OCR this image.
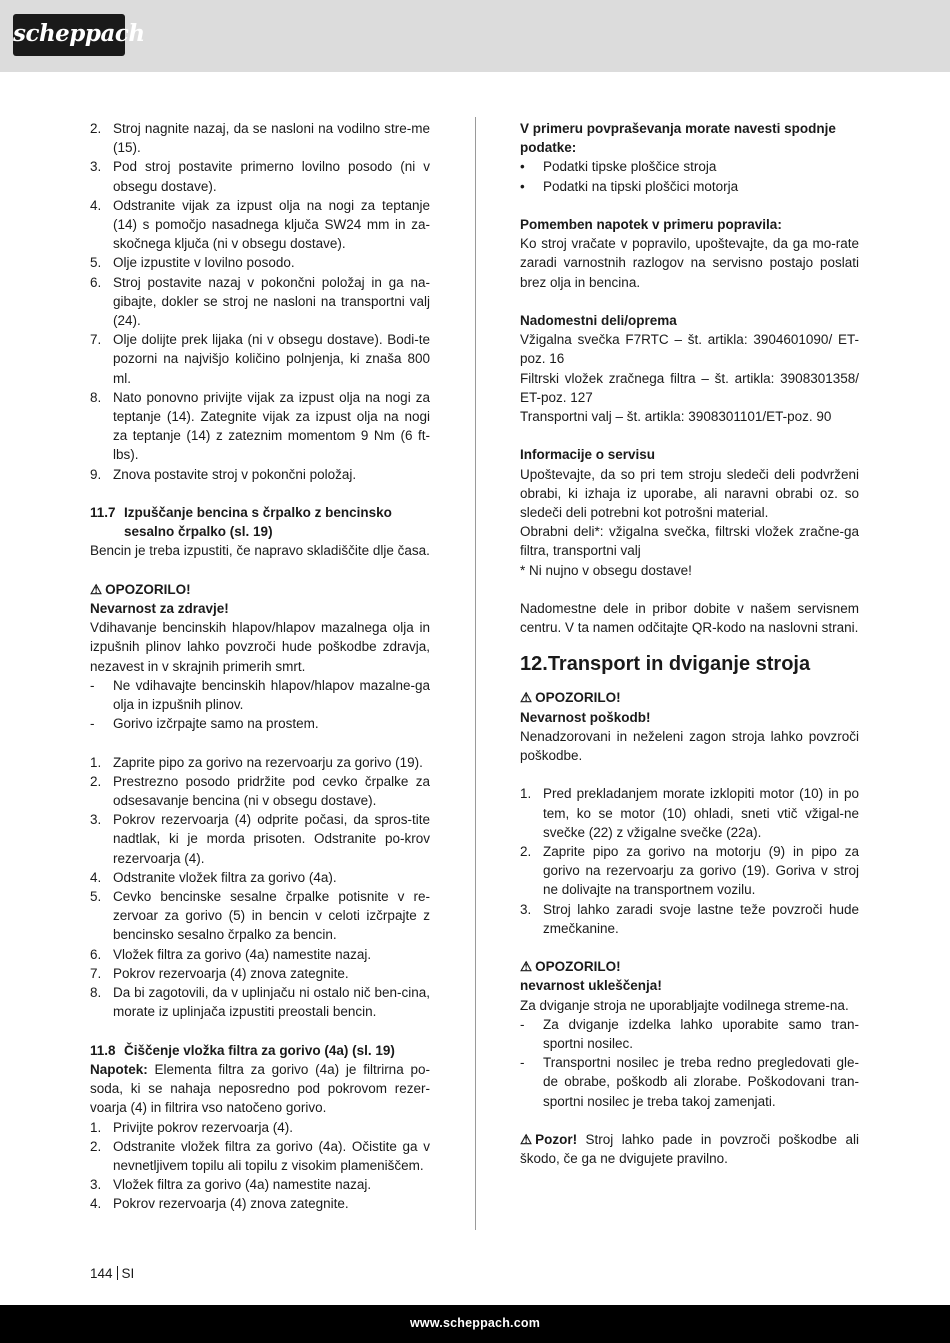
scheppach
2. Stroj nagnite nazaj, da se nasloni na vodilno stre-me (15).
3. Pod stroj postavite primerno lovilno posodo (ni v obsegu dostave).
4. Odstranite vijak za izpust olja na nogi za teptanje (14) s pomočjo nasadnega ključa SW24 mm in za-skočnega ključa (ni v obsegu dostave).
5. Olje izpustite v lovilno posodo.
6. Stroj postavite nazaj v pokončni položaj in ga na-gibajte, dokler se stroj ne nasloni na transportni valj (24).
7. Olje dolijte prek lijaka (ni v obsegu dostave). Bodi-te pozorni na najvišjo količino polnjenja, ki znaša 800 ml.
8. Nato ponovno privijte vijak za izpust olja na nogi za teptanje (14). Zategnite vijak za izpust olja na nogi za teptanje (14) z zateznim momentom 9 Nm (6 ft-lbs).
9. Znova postavite stroj v pokončni položaj.
11.7 Izpuščanje bencina s črpalko z bencinsko sesalno črpalko (sl. 19)
Bencin je treba izpustiti, če napravo skladiščite dlje časa.
⚠ OPOZORILO!
Nevarnost za zdravje!
Vdihavanje bencinskih hlapov/hlapov mazalnega olja in izpušnih plinov lahko povzroči hude poškodbe zdravja, nezavest in v skrajnih primerih smrt.
- Ne vdihavajte bencinskih hlapov/hlapov mazalne-ga olja in izpušnih plinov.
- Gorivo izčrpajte samo na prostem.
1. Zaprite pipo za gorivo na rezervoarju za gorivo (19).
2. Prestrezno posodo pridržite pod cevko črpalke za odsesavanje bencina (ni v obsegu dostave).
3. Pokrov rezervoarja (4) odprite počasi, da spros-tite nadtlak, ki je morda prisoten. Odstranite po-krov rezervoarja (4).
4. Odstranite vložek filtra za gorivo (4a).
5. Cevko bencinske sesalne črpalke potisnite v re-zervoar za gorivo (5) in bencin v celoti izčrpajte z bencinsko sesalno črpalko za bencin.
6. Vložek filtra za gorivo (4a) namestite nazaj.
7. Pokrov rezervoarja (4) znova zategnite.
8. Da bi zagotovili, da v uplinjaču ni ostalo nič ben-cina, morate iz uplinjača izpustiti preostali bencin.
11.8 Čiščenje vložka filtra za gorivo (4a) (sl. 19)
Napotek: Elementa filtra za gorivo (4a) je filtrirna po-soda, ki se nahaja neposredno pod pokrovom rezer-voarja (4) in filtrira vso natočeno gorivo.
1. Privijte pokrov rezervoarja (4).
2. Odstranite vložek filtra za gorivo (4a). Očistite ga v nevnetljivem topilu ali topilu z visokim plameniščem.
3. Vložek filtra za gorivo (4a) namestite nazaj.
4. Pokrov rezervoarja (4) znova zategnite.
V primeru povpraševanja morate navesti spodnje podatke:
• Podatki tipske ploščice stroja
• Podatki na tipski ploščici motorja
Pomemben napotek v primeru popravila:
Ko stroj vračate v popravilo, upoštevajte, da ga mo-rate zaradi varnostnih razlogov na servisno postajo poslati brez olja in bencina.
Nadomestni deli/oprema
Vžigalna svečka F7RTC – št. artikla: 3904601090/ ET-poz. 16
Filtrski vložek zračnega filtra – št. artikla: 3908301358/ ET-poz. 127
Transportni valj – št. artikla: 3908301101/ET-poz. 90
Informacije o servisu
Upoštevajte, da so pri tem stroju sledeči deli podvrženi obrabi, ki izhaja iz uporabe, ali naravni obrabi oz. so sledeči deli potrebni kot potrošni material.
Obrabni deli*: vžigalna svečka, filtrski vložek zračne-ga filtra, transportni valj
* Ni nujno v obsegu dostave!
Nadomestne dele in pribor dobite v našem servisnem centru. V ta namen odčitajte QR-kodo na naslovni strani.
12.Transport in dviganje stroja
⚠ OPOZORILO!
Nevarnost poškodb!
Nenadzorovani in neželeni zagon stroja lahko povzroči poškodbe.
1. Pred prekladanjem morate izklopiti motor (10) in po tem, ko se motor (10) ohladi, sneti vtič vžigal-ne svečke (22) z vžigalne svečke (22a).
2. Zaprite pipo za gorivo na motorju (9) in pipo za gorivo na rezervoarju za gorivo (19). Goriva v stroj ne dolivajte na transportnem vozilu.
3. Stroj lahko zaradi svoje lastne teže povzroči hude zmečkanine.
⚠ OPOZORILO!
nevarnost ukleščenja!
Za dviganje stroja ne uporabljajte vodilnega streme-na.
- Za dviganje izdelka lahko uporabite samo tran-sportni nosilec.
- Transportni nosilec je treba redno pregledovati gle-de obrabe, poškodb ali zlorabe. Poškodovani tran-sportni nosilec je treba takoj zamenjati.
⚠ Pozor! Stroj lahko pade in povzroči poškodbe ali škodo, če ga ne dvigujete pravilno.
144 SI
www.scheppach.com
